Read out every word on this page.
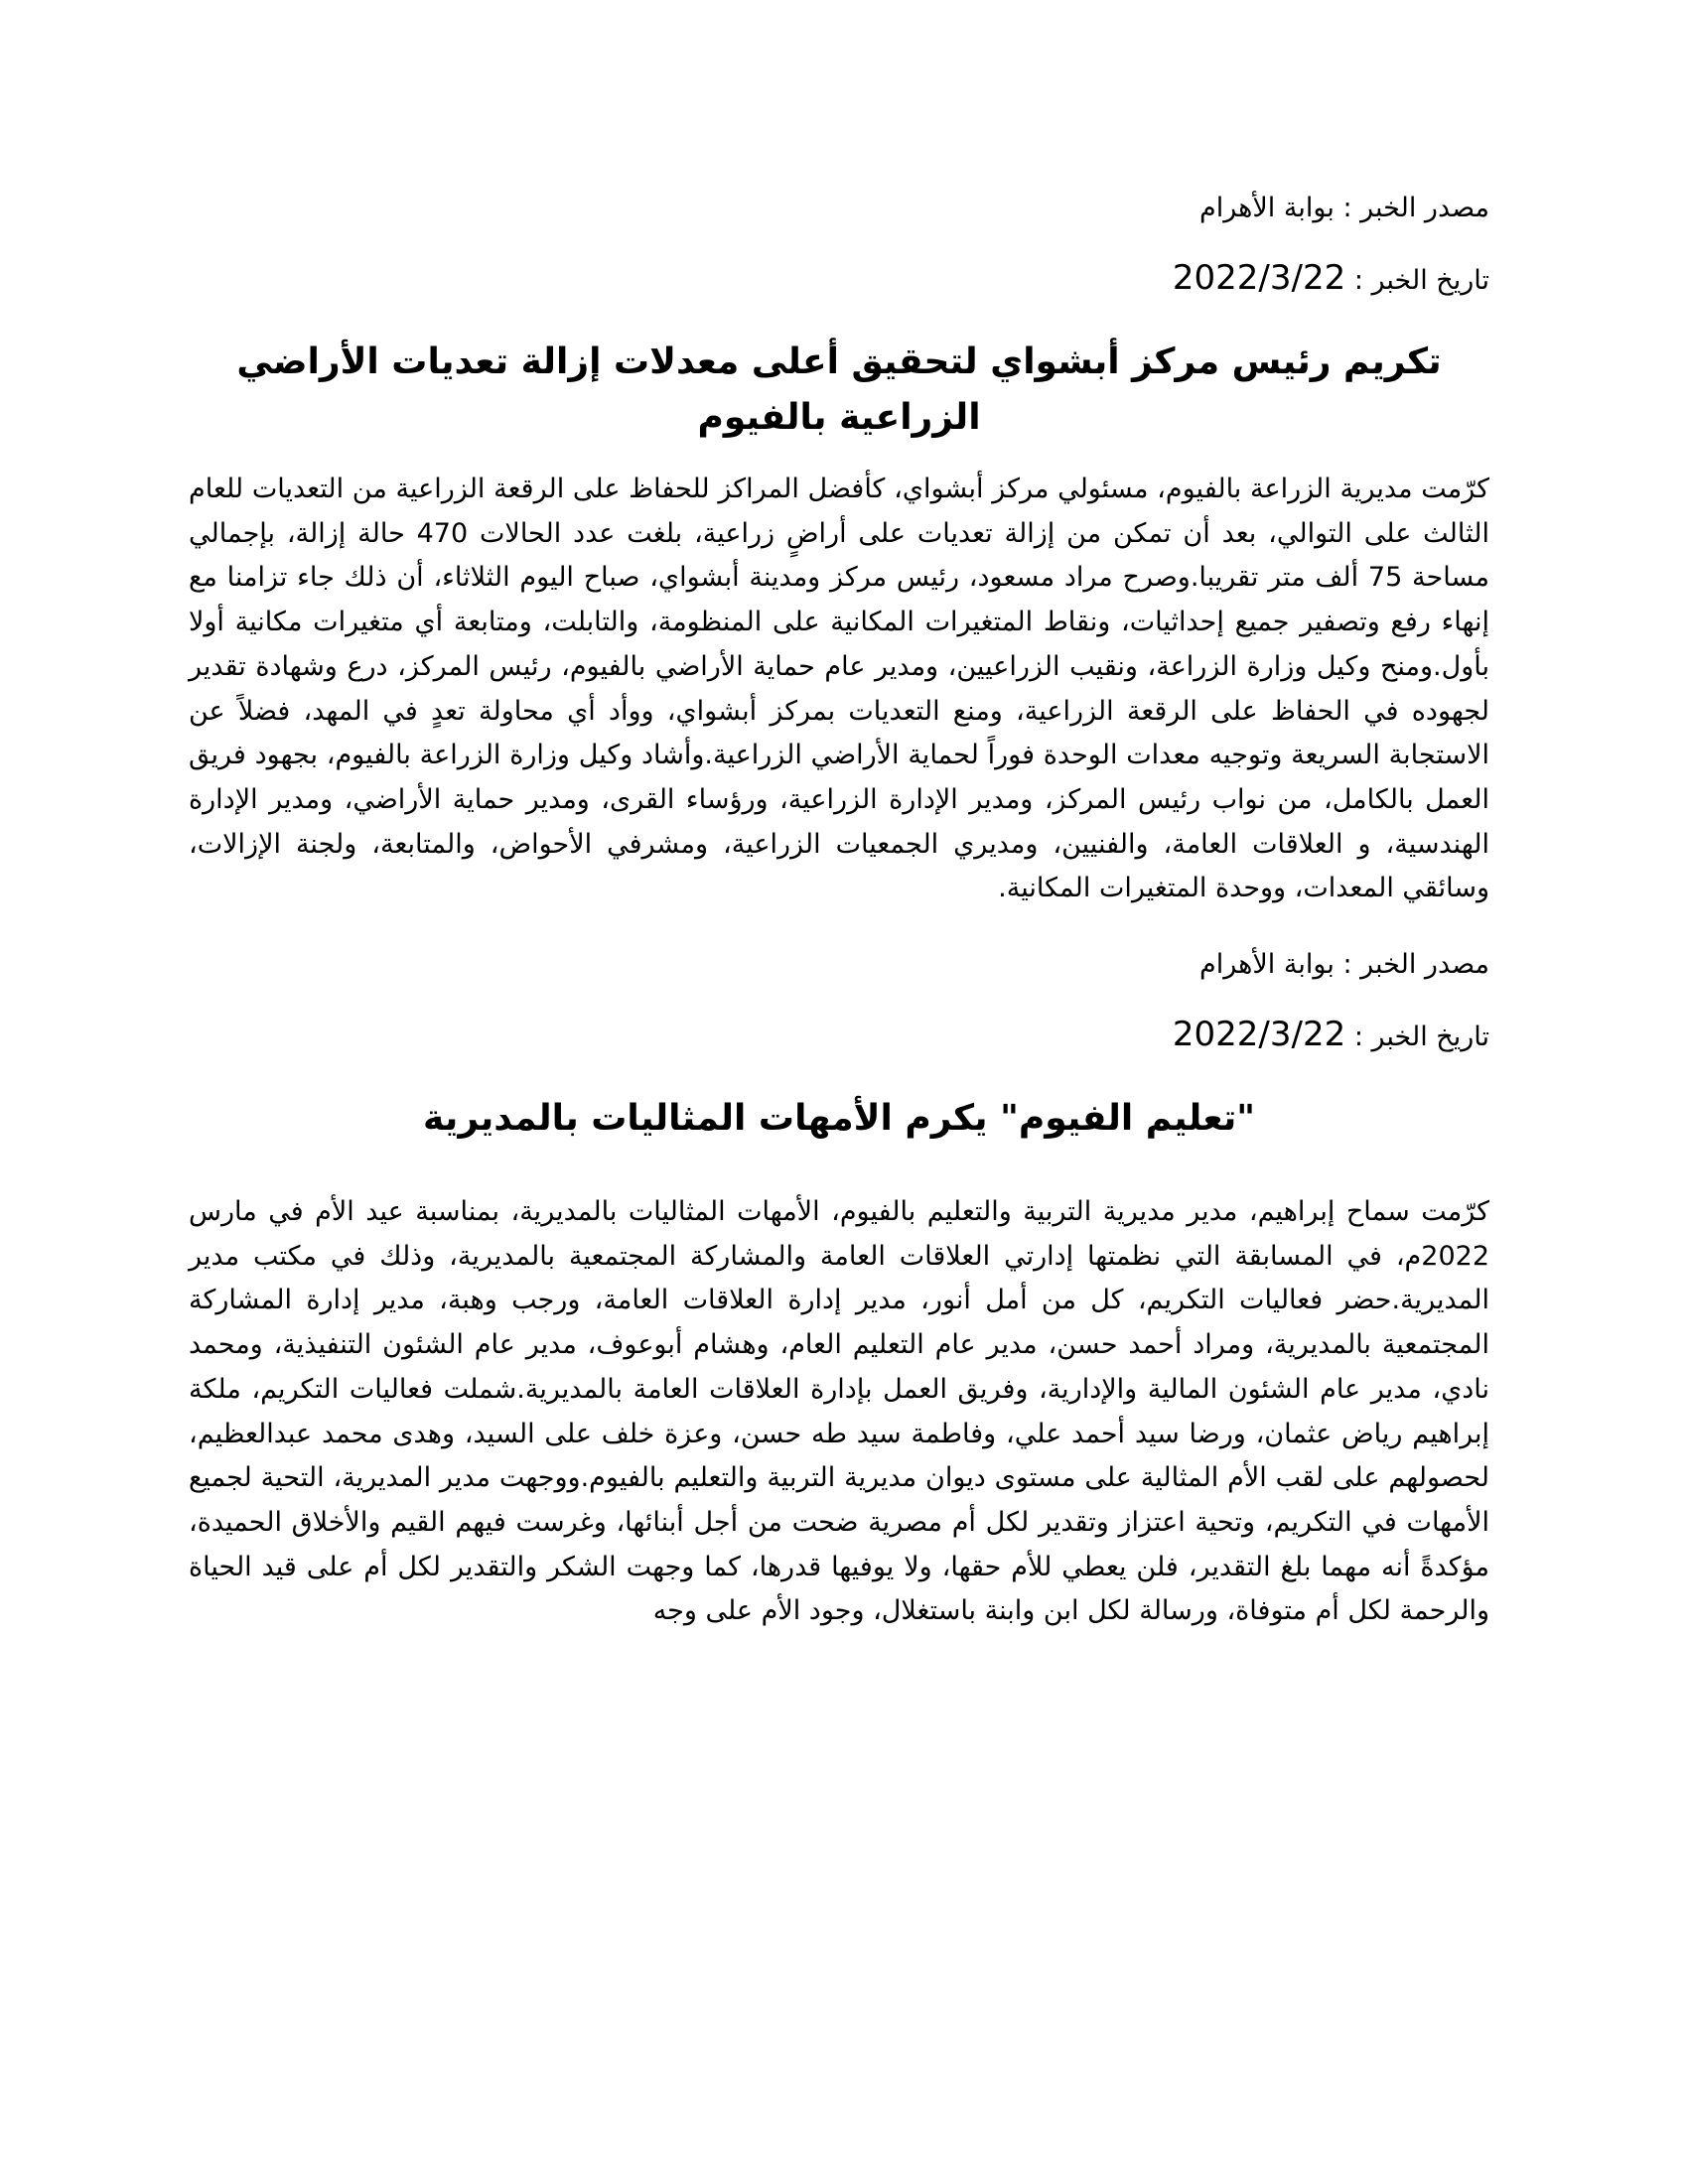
مصدر الخبر : بوابة الأهرام

تاريخ الخبر : 2022/3/22

تكريم رئيس مركز أبشواي لتحقيق أعلى معدلات إزالة تعديات الأراضي الزراعية بالفيوم

كرّمت مديرية الزراعة بالفيوم، مسئولي مركز أبشواي، كأفضل المراكز للحفاظ على الرقعة الزراعية من التعديات للعام الثالث على التوالي، بعد أن تمكن من إزالة تعديات على أراضٍ زراعية، بلغت عدد الحالات 470 حالة إزالة، بإجمالي مساحة 75 ألف متر تقريبا.وصرح مراد مسعود، رئيس مركز ومدينة أبشواي، صباح اليوم الثلاثاء، أن ذلك جاء تزامنا مع إنهاء رفع وتصفير جميع إحداثيات، ونقاط المتغيرات المكانية على المنظومة، والتابلت، ومتابعة أي متغيرات مكانية أولا بأول.ومنح وكيل وزارة الزراعة، ونقيب الزراعيين، ومدير عام حماية الأراضي بالفيوم، رئيس المركز، درع وشهادة تقدير لجهوده في الحفاظ على الرقعة الزراعية، ومنع التعديات بمركز أبشواي، ووأد أي محاولة تعدٍ في المهد، فضلاً عن الاستجابة السريعة وتوجيه معدات الوحدة فوراً لحماية الأراضي الزراعية.وأشاد وكيل وزارة الزراعة بالفيوم، بجهود فريق العمل بالكامل، من نواب رئيس المركز، ومدير الإدارة الزراعية، ورؤساء القرى، ومدير حماية الأراضي، ومدير الإدارة الهندسية، و العلاقات العامة، والفنيين، ومديري الجمعيات الزراعية، ومشرفي الأحواض، والمتابعة، ولجنة الإزالات، وسائقي المعدات، ووحدة المتغيرات المكانية.

مصدر الخبر : بوابة الأهرام

تاريخ الخبر : 2022/3/22

"تعليم الفيوم" يكرم الأمهات المثاليات بالمديرية

كرّمت سماح إبراهيم، مدير مديرية التربية والتعليم بالفيوم، الأمهات المثاليات بالمديرية، بمناسبة عيد الأم في مارس 2022م، في المسابقة التي نظمتها إدارتي العلاقات العامة والمشاركة المجتمعية بالمديرية، وذلك في مكتب مدير المديرية.حضر فعاليات التكريم، كل من أمل أنور، مدير إدارة العلاقات العامة، ورجب وهبة، مدير إدارة المشاركة المجتمعية بالمديرية، ومراد أحمد حسن، مدير عام التعليم العام، وهشام أبوعوف، مدير عام الشئون التنفيذية، ومحمد نادي، مدير عام الشئون المالية والإدارية، وفريق العمل بإدارة العلاقات العامة بالمديرية.شملت فعاليات التكريم، ملكة إبراهيم رياض عثمان، ورضا سيد أحمد علي، وفاطمة سيد طه حسن، وعزة خلف على السيد، وهدى محمد عبدالعظيم، لحصولهم على لقب الأم المثالية على مستوى ديوان مديرية التربية والتعليم بالفيوم.ووجهت مدير المديرية، التحية لجميع الأمهات في التكريم، وتحية اعتزاز وتقدير لكل أم مصرية ضحت من أجل أبنائها، وغرست فيهم القيم والأخلاق الحميدة، مؤكدةً أنه مهما بلغ التقدير، فلن يعطي للأم حقها، ولا يوفيها قدرها، كما وجهت الشكر والتقدير لكل أم على قيد الحياة والرحمة لكل أم متوفاة، ورسالة لكل ابن وابنة باستغلال، وجود الأم على وجه
